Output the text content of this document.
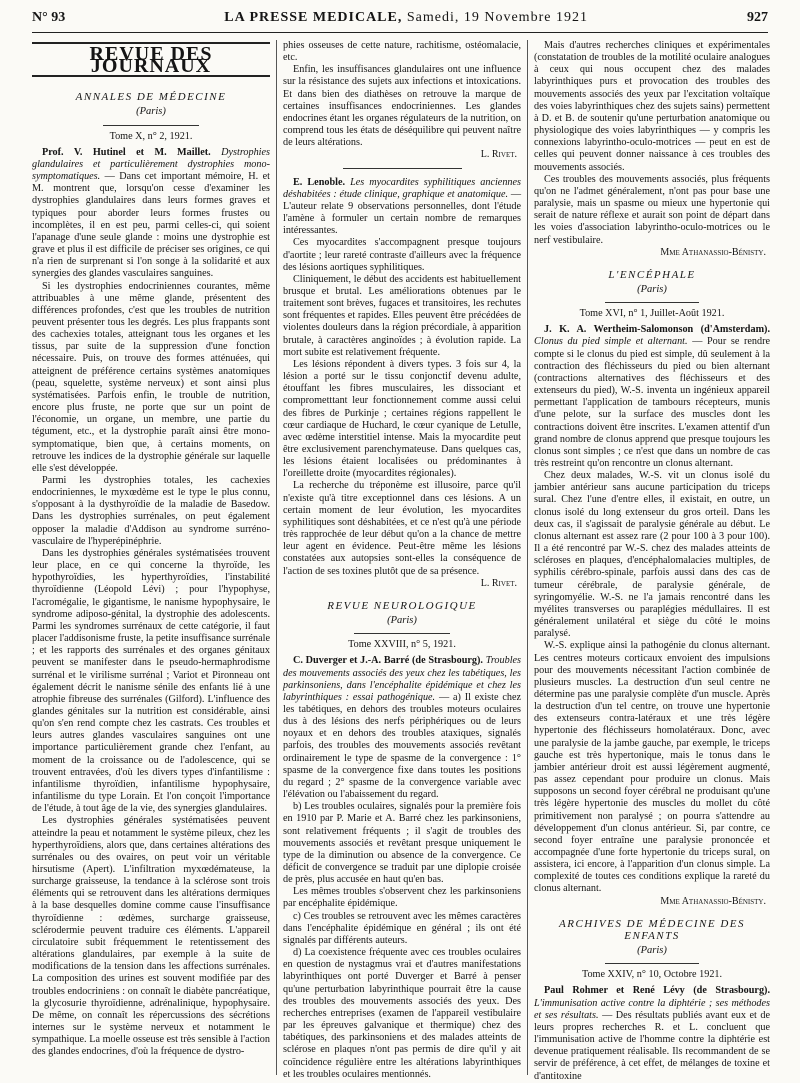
N° 93	LA PRESSE MEDICALE, Samedi, 19 Novembre 1921	927
REVUE DES JOURNAUX
ANNALES DE MÉDECINE
(Paris)
Tome X, n° 2, 1921.

Prof. V. Hutinel et M. Maillet. Dystrophies glandulaires et particulièrement dystrophies mono-symptomatiques. — Dans cet important mémoire, H. et M. montrent que, lorsqu'on cesse d'examiner les dystrophies glandulaires dans leurs formes graves et typiques pour aborder leurs formes frustes ou incomplètes, il en est peu, parmi celles-ci, qui soient l'apanage d'une seule glande : moins une dystrophie est grave et plus il est difficile de préciser ses origines, ce qui n'a rien de surprenant si l'on songe à la solidarité et aux synergies des glandes vasculaires sanguines.

Si les dystrophies endocriniennes courantes, même attribuables à une même glande, présentent des différences profondes, c'est que les troubles de nutrition peuvent présenter tous les degrés. Les plus frappants sont des cachexies totales, atteignant tous les organes et les tissus, par suite de la suppression d'une fonction nécessaire. Puis, on trouve des formes atténuées, qui atteignent de préférence certains systèmes anatomiques (peau, squelette, système nerveux) et sont ainsi plus systématisées. Parfois enfin, le trouble de nutrition, encore plus fruste, ne porte que sur un point de l'économie, un organe, un membre, une partie du tégument, etc., et la dystrophie paraît ainsi être mono-symptomatique, bien que, à certains moments, on retrouve les indices de la dystrophie générale sur laquelle elle s'est développée.

Parmi les dystrophies totales, les cachexies endocriniennes, le myxœdème est le type le plus connu, s'opposant à la dysthyroïdie de la maladie de Basedow. Dans les dystrophies surrénales, on peut également opposer la maladie d'Addison au syndrome surréno-vasculaire de l'hyperépinéphrie.

Dans les dystrophies générales systématisées trouvent leur place, en ce qui concerne la thyroïde, les hypothyroïdies, les hyperthyroïdies, l'instabilité thyroïdienne (Léopold Lévi) ; pour l'hypophyse, l'acromégalie, le gigantisme, le nanisme hypophysaire, le syndrome adiposo-génital, la dystrophie des adolescents. Parmi les syndromes surrénaux de cette catégorie, il faut placer l'addisonisme fruste, la petite insuffisance surrénale ; et les rapports des surrénales et des organes génitaux peuvent se manifester dans le pseudo-hermaphrodisme surrénal et le virilisme surrénal ; Variot et Pironneau ont également décrit le nanisme sénile des enfants lié à une atrophie fibreuse des surrénales (Gilford). L'influence des glandes génitales sur la nutrition est considérable, ainsi qu'on s'en rend compte chez les castrats. Ces troubles et leurs autres glandes vasculaires sanguines ont une importance particulièrement grande chez l'enfant, au moment de la croissance ou de l'adolescence, qui se trouvent entravées, d'où les divers types d'infantilisme : infantilisme thyroïdien, infantilisme hypophysaire, infantilisme du type Lorain. Et l'on conçoit l'importance de l'étude, à tout âge de la vie, des synergies glandulaires.

Les dystrophies générales systématisées peuvent atteindre la peau et notamment le système pileux, chez les hyperthyroïdiens, alors que, dans certaines altérations des surrénales ou des ovaires, on peut voir un véritable hirsutisme (Apert). L'infiltration myxœdémateuse, la surcharge graisseuse, la tendance à la sclérose sont trois éléments qui se retrouvent dans les altérations dermiques à la base desquelles domine comme cause l'insuffisance thyroïdienne : œdèmes, surcharge graisseuse, sclérodermie peuvent traduire ces éléments. L'appareil circulatoire subit fréquemment le retentissement des altérations glandulaires, par exemple à la suite de modifications de la tension dans les affections surrénales. La composition des urines est souvent modifiée par des troubles endocriniens : on connaît le diabète pancréatique, la glycosurie thyroïdienne, adrénalinique, hypophysaire. De même, on connaît les répercussions des sécrétions internes sur le système nerveux et notamment le sympathique. La moelle osseuse est très sensible à l'action des glandes endocrines, d'où la fréquence de dystro-

phies osseuses de cette nature, rachitisme, ostéomalacie, etc.

Enfin, les insuffisances glandulaires ont une influence sur la résistance des sujets aux infections et intoxications. Et dans bien des diathèses on retrouve la marque de certaines insuffisances endocriniennes. Les glandes endocrines étant les organes régulateurs de la nutrition, on comprend tous les états de déséquilibre qui peuvent naître de leurs altérations.

L. Rivet.

E. Lenoble. Les myocardites syphilitiques anciennes déshabitées : étude clinique, graphique et anatomique. — L'auteur relate 9 observations personnelles, dont l'étude l'amène à formuler un certain nombre de remarques intéressantes.

Ces myocardites s'accompagnent presque toujours d'aortite ; leur rareté contraste d'ailleurs avec la fréquence des lésions aortiques syphilitiques.

Cliniquement, le début des accidents est habituellement brusque et brutal. Les améliorations obtenues par le traitement sont brèves, fugaces et transitoires, les rechutes sont fréquentes et rapides. Elles peuvent être précédées de violentes douleurs dans la région précordiale, à apparition brutale, à caractères anginoïdes ; à évolution rapide. La mort subite est relativement fréquente.

Les lésions répondent à divers types. 3 fois sur 4, la lésion a porté sur le tissu conjonctif devenu adulte, étouffant les fibres musculaires, les dissociant et comprometttant leur fonctionnement comme aussi celui des fibres de Purkinje ; certaines régions rappellent le cœur cardiaque de Huchard, le cœur cyanique de Letulle, avec œdème interstitiel intense. Mais la myocardite peut être exclusivement parenchymateuse. Dans quelques cas, les lésions étaient localisées ou prédominantes à l'oreillette droite (myocardites régionales).

La recherche du tréponème est illusoire, parce qu'il n'existe qu'à titre exceptionnel dans ces lésions. A un certain moment de leur évolution, les myocardites syphilitiques sont déshabitées, et ce n'est qu'à une période très rapprochée de leur début qu'on a la chance de mettre leur agent en évidence. Peut-être même les lésions constatées aux autopsies sont-elles la conséquence de l'action de ses toxines plutôt que de sa présence.

L. Rivet.
REVUE NEUROLOGIQUE
(Paris)
Tome XXVIII, n° 5, 1921.

C. Duverger et J.-A. Barré (de Strasbourg). Troubles des mouvements associés des yeux chez les tabétiques, les parkinsoniens, dans l'encéphalite épidémique et chez les labyrinthiques : essai pathogénique. — a) Il existe chez les tabétiques, en dehors des troubles moteurs oculaires dus à des lésions des nerfs périphériques ou de leurs noyaux et en dehors des troubles ataxiques, signalés parfois, des troubles des mouvements associés revêtant ordinairement le type de spasme de la convergence : 1° spasme de la convergence fixe dans toutes les positions du regard ; 2° spasme de la convergence variable avec l'élévation ou l'abaissement du regard.

b) Les troubles oculaires, signalés pour la première fois en 1910 par P. Marie et A. Barré chez les parkinsoniens, sont relativement fréquents ; il s'agit de troubles des mouvements associés et revêtant presque uniquement le type de la diminution ou absence de la convergence. Ce déficit de convergence se traduit par une diplopie croisée de près, plus accusée en haut qu'en bas.

Les mêmes troubles s'observent chez les parkinsoniens par encéphalite épidémique.

c) Ces troubles se retrouvent avec les mêmes caractères dans l'encéphalite épidémique en général ; ils ont été signalés par différents auteurs.

d) La coexistence fréquente avec ces troubles oculaires en question de nystagmus vrai et d'autres manifestations labyrinthiques ont porté Duverger et Barré à penser qu'une perturbation labyrinthique pourrait être la cause des troubles des mouvements associés des yeux. Des recherches entreprises (examen de l'appareil vestibulaire par les épreuves galvanique et thermique) chez des tabétiques, des parkinsoniens et des malades atteints de sclérose en plaques n'ont pas permis de dire qu'il y ait coïncidence régulière entre les altérations labyrinthiques et les troubles oculaires mentionnés.

Mais d'autres recherches cliniques et expérimentales (constatation de troubles de la motilité oculaire analogues à ceux qui nous occupent chez des malades labyrinthiques purs et provocation des troubles des mouvements associés des yeux par l'excitation voltaïque des voies labyrinthiques chez des sujets sains) permettent à D. et B. de soutenir qu'une perturbation anatomique ou physiologique des voies labyrinthiques — y compris les connexions labyrintho-oculo-motrices — peut en est de celles qui peuvent donner naissance à ces troubles des mouvements associés.

Ces troubles des mouvements associés, plus fréquents qu'on ne l'admet généralement, n'ont pas pour base une paralysie, mais un spasme ou mieux une hypertonie qui serait de nature réflexe et aurait son point de départ dans les voies d'association labyrintho-oculo-motrices ou le nerf vestibulaire.

Mme Athanassio-Bénisty.
L'ENCÉPHALE
(Paris)
Tome XVI, n° 1, Juillet-Août 1921.

J. K. A. Wertheim-Salomonson (d'Amsterdam). Clonus du pied simple et alternant. — Pour se rendre compte si le clonus du pied est simple, dû seulement à la contraction des fléchisseurs du pied ou bien alternant (contractions alternatives des fléchisseurs et des extenseurs du pied), W.-S. inventa un ingénieux appareil permettant l'application de tambours récepteurs, munis d'une pelote, sur la surface des muscles dont les contractions doivent être inscrites. L'examen attentif d'un grand nombre de clonus apprend que presque toujours les clonus sont simples ; ce n'est que dans un nombre de cas très restreint qu'on rencontre un clonus alternant.

Chez deux malades, W.-S. vit un clonus isolé du jambier antérieur sans aucune participation du triceps sural. Chez l'une d'entre elles, il existait, en outre, un clonus isolé du long extenseur du gros orteil. Dans les deux cas, il s'agissait de paralysie générale au début. Le clonus alternant est assez rare (2 pour 100 à 3 pour 100). Il a été rencontré par W.-S. chez des malades atteints de scléroses en plaques, d'encéphalomalacies multiples, de syphilis cérébro-spinale, parfois aussi dans des cas de tumeur cérébrale, de paralysie générale, de syringomyélie. W.-S. ne l'a jamais rencontré dans les myélites transverses ou paraplégies médullaires. Il est généralement unilatéral et siège du côté le moins paralysé.

W.-S. explique ainsi la pathogénie du clonus alternant. Les centres moteurs corticaux envoient des impulsions pour des mouvements nécessitant l'action combinée de plusieurs muscles. La destruction d'un seul centre ne détermine pas une paralysie complète d'un muscle. Après la destruction d'un tel centre, on trouve une hypertonie des extenseurs contra-latéraux et une très légère hypertonie des fléchisseurs homolatéraux. Donc, avec une paralysie de la jambe gauche, par exemple, le triceps gauche est très hypertonique, mais le tonus dans le jambier antérieur droit est aussi légèrement augmenté, pas assez cependant pour produire un clonus. Mais supposons un second foyer cérébral ne produisant qu'une très légère hypertonie des muscles du mollet du côté primitivement non paralysé ; on pourra s'attendre au développement d'un clonus antérieur. Si, par contre, ce second foyer entraîne une paralysie prononcée et accompagnée d'une forte hypertonie du triceps sural, on assistera, ici encore, à l'apparition d'un clonus simple. La complexité de toutes ces conditions explique la rareté du clonus alternant.

Mme Athanassio-Bénisty.
ARCHIVES DE MÉDECINE DES ENFANTS
(Paris)
Tome XXIV, n° 10, Octobre 1921.

Paul Rohmer et René Lévy (de Strasbourg). L'immunisation active contre la diphtérie ; ses méthodes et ses résultats. — Des résultats publiés avant eux et de leurs propres recherches R. et L. concluent que l'immunisation active de l'homme contre la diphtérie est devenue pratiquement réalisable. Ils recommandent de se servir de préférence, à cet effet, de mélanges de toxine et d'antitoxine
